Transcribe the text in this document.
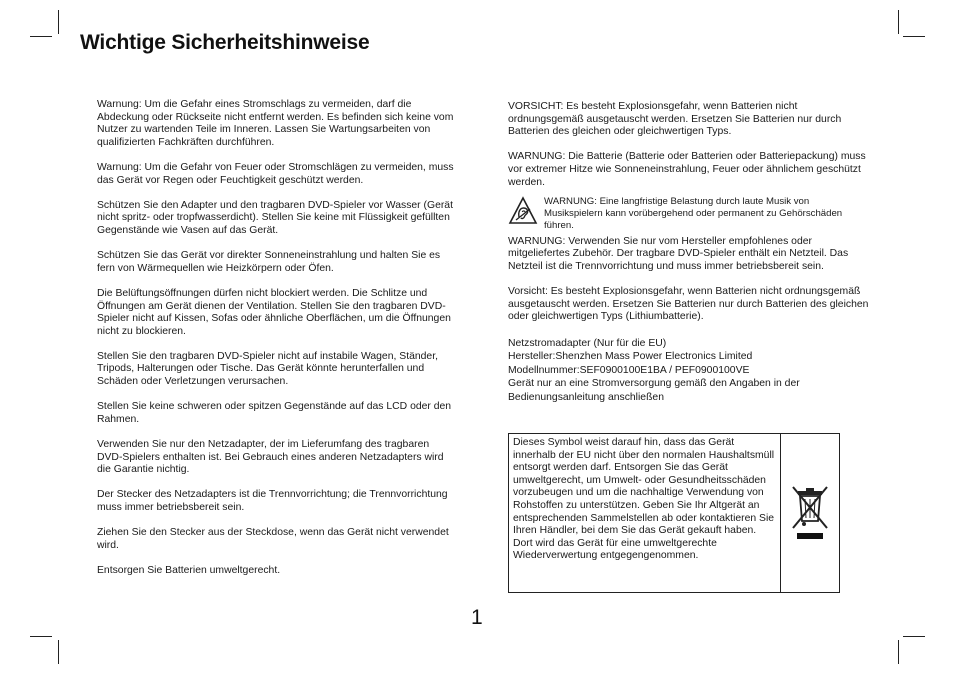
Wichtige Sicherheitshinweise

Warnung: Um die Gefahr eines Stromschlags zu vermeiden, darf die Abdeckung oder Rückseite nicht entfernt werden. Es befinden sich keine vom Nutzer zu wartenden Teile im Inneren. Lassen Sie Wartungsarbeiten von qualifizierten Fachkräften durchführen.

Warnung: Um die Gefahr von Feuer oder Stromschlägen zu vermeiden, muss das Gerät vor Regen oder Feuchtigkeit geschützt werden.

Schützen Sie den Adapter und den tragbaren DVD-Spieler vor Wasser (Gerät nicht spritz- oder tropfwasserdicht). Stellen Sie keine mit Flüssigkeit gefüllten Gegenstände wie Vasen auf das Gerät.

Schützen Sie das Gerät vor direkter Sonneneinstrahlung und halten Sie es fern von Wärmequellen wie Heizkörpern oder Öfen.

Die Belüftungsöffnungen dürfen nicht blockiert werden. Die Schlitze und Öffnungen am Gerät dienen der Ventilation. Stellen Sie den tragbaren DVD-Spieler nicht auf Kissen, Sofas oder ähnliche Oberflächen, um die Öffnungen nicht zu blockieren.

Stellen Sie den tragbaren DVD-Spieler nicht auf instabile Wagen, Ständer, Tripods, Halterungen oder Tische. Das Gerät könnte herunterfallen und Schäden oder Verletzungen verursachen.

Stellen Sie keine schweren oder spitzen Gegenstände auf das LCD oder den Rahmen.

Verwenden Sie nur den Netzadapter, der im Lieferumfang des tragbaren DVD-Spielers enthalten ist. Bei Gebrauch eines anderen Netzadapters wird die Garantie nichtig.

Der Stecker des Netzadapters ist die Trennvorrichtung; die Trennvorrichtung muss immer betriebsbereit sein.

Ziehen Sie den Stecker aus der Steckdose, wenn das Gerät nicht verwendet wird.

Entsorgen Sie Batterien umweltgerecht.

VORSICHT: Es besteht Explosionsgefahr, wenn Batterien nicht ordnungsgemäß ausgetauscht werden. Ersetzen Sie Batterien nur durch Batterien des gleichen oder gleichwertigen Typs.

WARNUNG: Die Batterie (Batterie oder Batterien oder Batteriepackung) muss vor extremer Hitze wie Sonneneinstrahlung, Feuer oder ähnlichem geschützt werden.

WARNUNG: Eine langfristige Belastung durch laute Musik von Musikspielern kann vorübergehend oder permanent zu Gehörschäden führen.

WARNUNG: Verwenden Sie nur vom Hersteller empfohlenes oder mitgeliefertes Zubehör. Der tragbare DVD-Spieler enthält ein Netzteil. Das Netzteil ist die Trennvorrichtung und muss immer betriebsbereit sein.

Vorsicht: Es besteht Explosionsgefahr, wenn Batterien nicht ordnungsgemäß ausgetauscht werden. Ersetzen Sie Batterien nur durch Batterien des gleichen oder gleichwertigen Typs (Lithiumbatterie).

Netzstromadapter (Nur für die EU)
Hersteller:Shenzhen Mass Power Electronics Limited
Modellnummer:SEF0900100E1BA / PEF0900100VE
Gerät nur an eine Stromversorgung gemäß den Angaben in der Bedienungsanleitung anschließen
Dieses Symbol weist darauf hin, dass das Gerät innerhalb der EU nicht über den normalen Haushaltsmüll entsorgt werden darf. Entsorgen Sie das Gerät umweltgerecht, um Umwelt- oder Gesundheitsschäden vorzubeugen und um die nachhaltige Verwendung von Rohstoffen zu unterstützen. Geben Sie Ihr Altgerät an entsprechenden Sammelstellen ab oder kontaktieren Sie Ihren Händler, bei dem Sie das Gerät gekauft haben. Dort wird das Gerät für eine umweltgerechte Wiederverwertung entgegengenommen.
1
